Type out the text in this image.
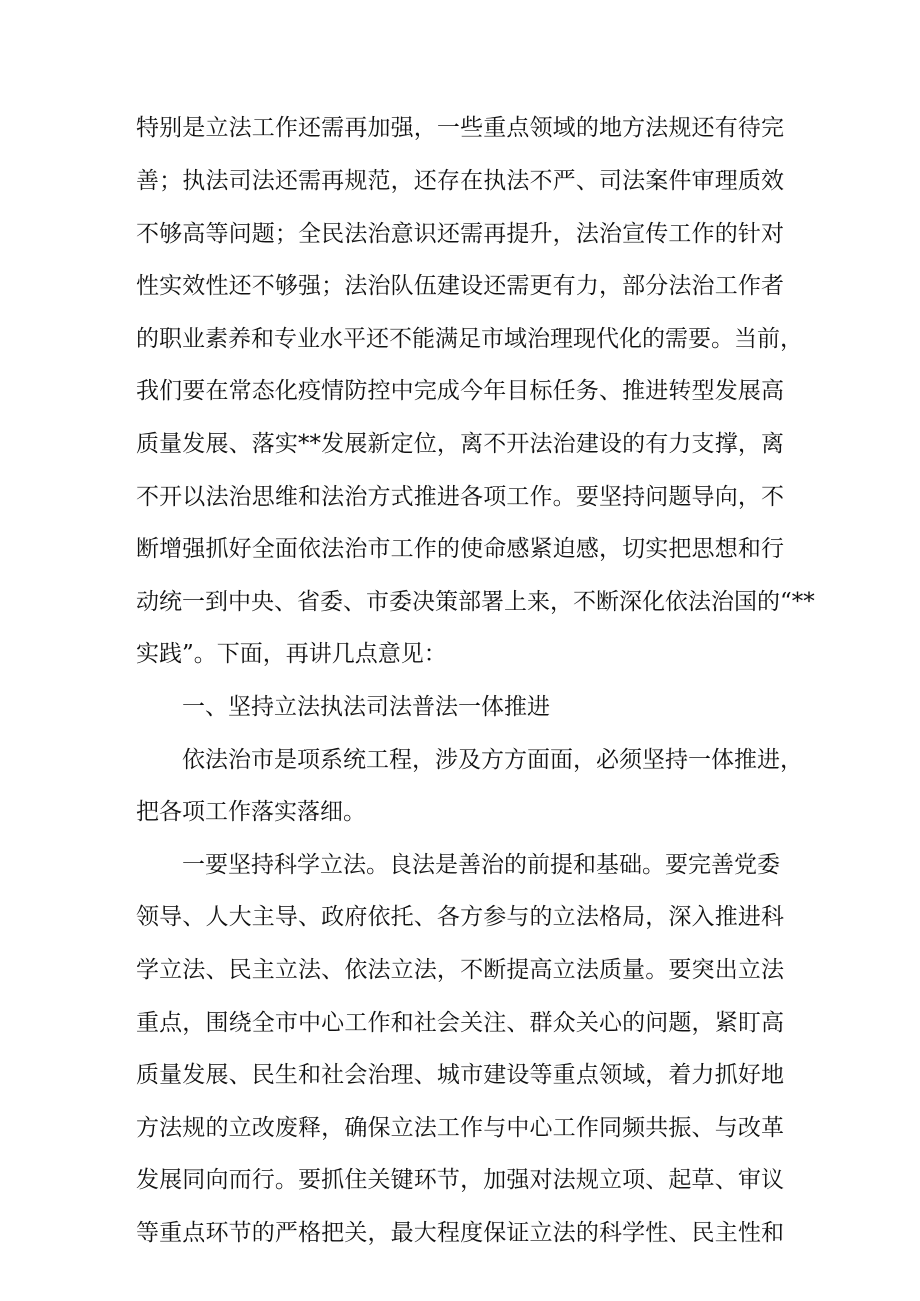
特别是立法工作还需再加强，一些重点领域的地方法规还有待完
善；执法司法还需再规范，还存在执法不严、司法案件审理质效
不够高等问题；全民法治意识还需再提升，法治宣传工作的针对
性实效性还不够强；法治队伍建设还需更有力，部分法治工作者
的职业素养和专业水平还不能满足市域治理现代化的需要。当前，
我们要在常态化疫情防控中完成今年目标任务、推进转型发展高
质量发展、落实**发展新定位，离不开法治建设的有力支撑，离
不开以法治思维和法治方式推进各项工作。要坚持问题导向，不
断增强抓好全面依法治市工作的使命感紧迫感，切实把思想和行
动统一到中央、省委、市委决策部署上来，不断深化依法治国的“**
实践”。下面，再讲几点意见：
一、坚持立法执法司法普法一体推进
依法治市是项系统工程，涉及方方面面，必须坚持一体推进，
把各项工作落实落细。
一要坚持科学立法。良法是善治的前提和基础。要完善党委
领导、人大主导、政府依托、各方参与的立法格局，深入推进科
学立法、民主立法、依法立法，不断提高立法质量。要突出立法
重点，围绕全市中心工作和社会关注、群众关心的问题，紧盯高
质量发展、民生和社会治理、城市建设等重点领域，着力抓好地
方法规的立改废释，确保立法工作与中心工作同频共振、与改革
发展同向而行。要抓住关键环节，加强对法规立项、起草、审议
等重点环节的严格把关，最大程度保证立法的科学性、民主性和
